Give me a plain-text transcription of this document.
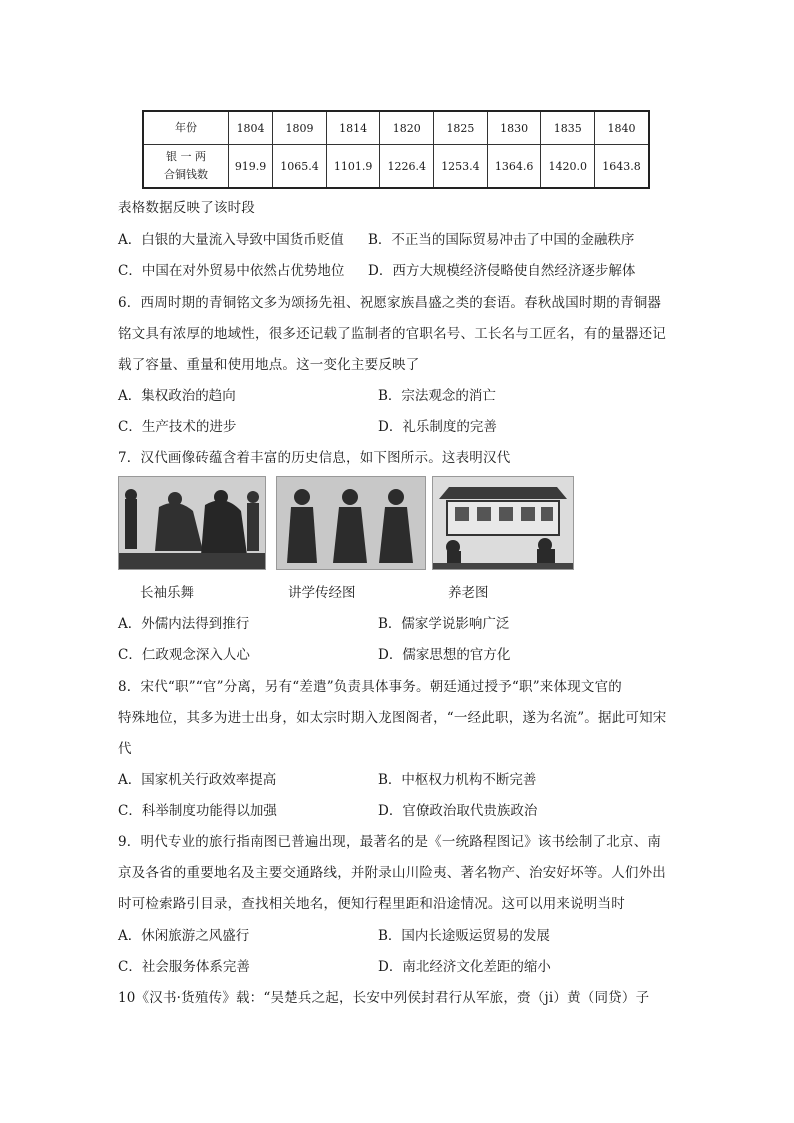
年份	1804	1809	1814	1820	1825	1830	1835	1840

银 一 两
合铜钱数	919.9	1065.4	1101.9	1226.4	1253.4	1364.6	1420.0	1643.8
表格数据反映了该时段
A．白银的大量流入导致中国货币贬值 B．不正当的国际贸易冲击了中国的金融秩序
C．中国在对外贸易中依然占优势地位 D．西方大规模经济侵略使自然经济逐步解体
6．西周时期的青铜铭文多为颂扬先祖、祝愿家族昌盛之类的套语。春秋战国时期的青铜器
铭文具有浓厚的地域性，很多还记载了监制者的官职名号、工长名与工匠名，有的量器还记
载了容量、重量和使用地点。这一变化主要反映了
A．集权政治的趋向	B．宗法观念的消亡
C．生产技术的进步	D．礼乐制度的完善
7．汉代画像砖蕴含着丰富的历史信息，如下图所示。这表明汉代
长袖乐舞	讲学传经图	养老图
A．外儒内法得到推行	B．儒家学说影响广泛
C．仁政观念深入人心	D．儒家思想的官方化
8．宋代“职”“官”分离，另有“差遣”负责具体事务。朝廷通过授予“职”来体现文官的
特殊地位，其多为进士出身，如太宗时期入龙图阁者，“一经此职，遂为名流”。据此可知宋
代
A．国家机关行政效率提高	B．中枢权力机构不断完善
C．科举制度功能得以加强	D．官僚政治取代贵族政治
9．明代专业的旅行指南图已普遍出现，最著名的是《一统路程图记》该书绘制了北京、南
京及各省的重要地名及主要交通路线，并附录山川险夷、著名物产、治安好坏等。人们外出
时可检索路引目录，查找相关地名，便知行程里距和沿途情况。这可以用来说明当时
A．休闲旅游之风盛行	B．国内长途贩运贸易的发展
C．社会服务体系完善	D．南北经济文化差距的缩小
10《汉书·货殖传》载：“吴楚兵之起，长安中列侯封君行从军旅，赍（ji）黄（同贷）子
